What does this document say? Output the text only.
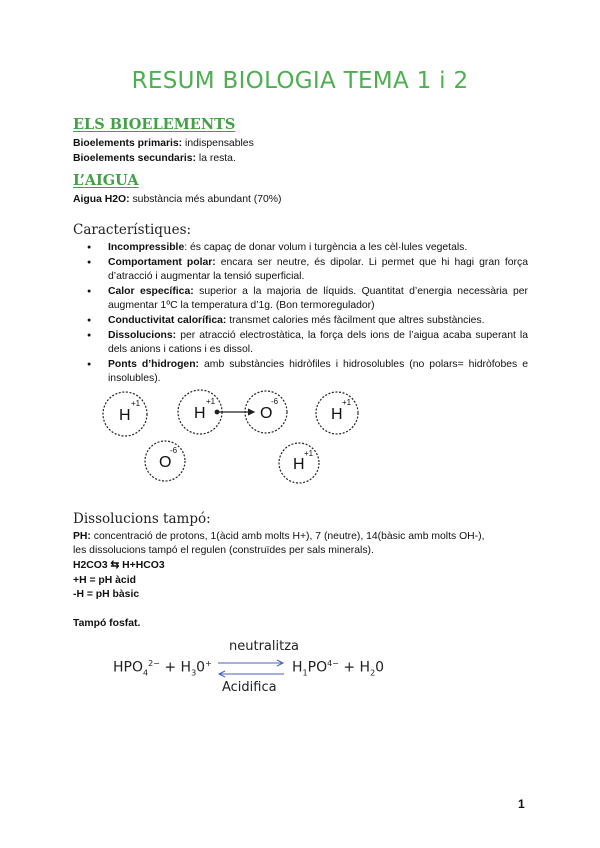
RESUM BIOLOGIA TEMA 1 i 2
ELS BIOELEMENTS

Bioelements primaris: indispensables

Bioelements secundaris: la resta.

L’AIGUA

Aigua H2O: substància més abundant (70%)

Característiques:
● Incompressible: és capaç de donar volum i turgència a les cèl·lules vegetals.
● Comportament polar: encara ser neutre, és dipolar. Li permet que hi hagi gran força d’atracció i augmentar la tensió superficial.
● Calor específica: superior a la majoria de líquids. Quantitat d’energia necessària per augmentar 1ºC la temperatura d’1g. (Bon termoregulador)
● Conductivitat calorífica: transmet calories més fàcilment que altres substàncies.
● Dissolucions: per atracció electrostàtica, la força dels ions de l’aigua acaba superant la dels anions i cations i es dissol.
● Ponts d’hidrogen: amb substàncies hidròfiles i hidrosolubles (no polars= hidròfobes e insolubles).
H
+1
H
+1
O
-6
H
+1
O
-6
H
+1
Dissolucions tampó:

PH: concentració de protons, 1(àcid amb molts H+), 7 (neutre), 14(bàsic amb molts OH-),

les dissolucions tampó el regulen (construïdes per sals minerals).

H2CO3 ⇆ H+HCO3

+H = pH àcid

-H = pH bàsic

Tampó fosfat.

neutralitza
Acidifica
$HPO_4^{2-} + H_30^+$	$H_1PO^{4-} + H_20$
1
